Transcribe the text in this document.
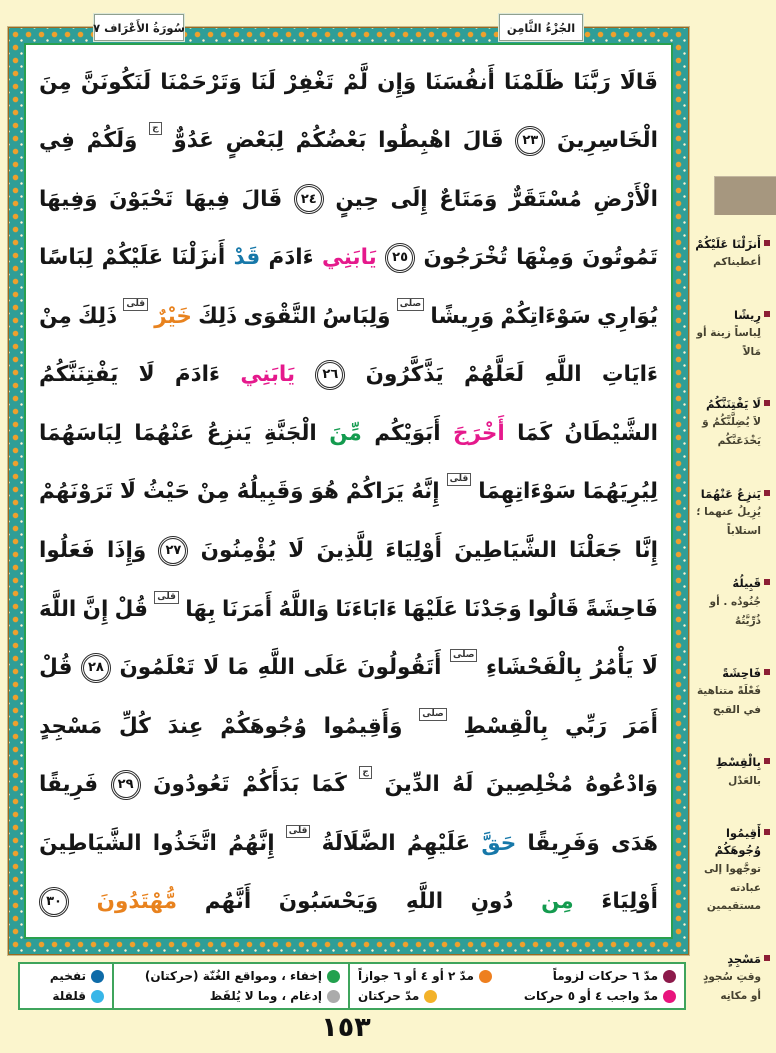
سُورَةُ الأَعْرَاف
٧	الجُزْءُ الثَّامِن
قَالَا
رَبَّنَا
ظَلَمْنَا
أَنفُسَنَا
وَإِن
لَّمْ
تَغْفِرْ
لَنَا
وَتَرْحَمْنَا
لَنَكُونَنَّ
مِنَ
الْخَاسِرِينَ
٢٣
قَالَ
اهْبِطُوا
بَعْضُكُمْ
لِبَعْضٍ
عَدُوٌّ
ج
وَلَكُمْ
فِي
الْأَرْضِ
مُسْتَقَرٌّ
وَمَتَاعٌ
إِلَى
حِينٍ
٢٤
قَالَ
فِيهَا
تَحْيَوْنَ
وَفِيهَا
تَمُوتُونَ
وَمِنْهَا
تُخْرَجُونَ
٢٥
يَابَنِي
ءَادَمَ
قَدْ
أَنزَلْنَا
عَلَيْكُمْ
لِبَاسًا
يُوَارِي
سَوْءَاتِكُمْ
وَرِيشًا
صلى
وَلِبَاسُ
التَّقْوَى
ذَلِكَ
خَيْرٌ
قلى
ذَلِكَ
مِنْ
ءَايَاتِ
اللَّهِ
لَعَلَّهُمْ
يَذَّكَّرُونَ
٢٦
يَابَنِي
ءَادَمَ
لَا
يَفْتِنَنَّكُمُ
الشَّيْطَانُ
كَمَا
أَخْرَجَ
أَبَوَيْكُم
مِّنَ
الْجَنَّةِ
يَنزِعُ
عَنْهُمَا
لِبَاسَهُمَا
لِيُرِيَهُمَا
سَوْءَاتِهِمَا
قلى
إِنَّهُ
يَرَاكُمْ
هُوَ
وَقَبِيلُهُ
مِنْ
حَيْثُ
لَا
تَرَوْنَهُمْ
إِنَّا
جَعَلْنَا
الشَّيَاطِينَ
أَوْلِيَاءَ
لِلَّذِينَ
لَا
يُؤْمِنُونَ
٢٧
وَإِذَا
فَعَلُوا
فَاحِشَةً
قَالُوا
وَجَدْنَا
عَلَيْهَا
ءَابَاءَنَا
وَاللَّهُ
أَمَرَنَا
بِهَا
قلى
قُلْ
إِنَّ
اللَّهَ
لَا
يَأْمُرُ
بِالْفَحْشَاءِ
صلى
أَتَقُولُونَ
عَلَى
اللَّهِ
مَا
لَا
تَعْلَمُونَ
٢٨
قُلْ
أَمَرَ
رَبِّي
بِالْقِسْطِ
صلى
وَأَقِيمُوا
وُجُوهَكُمْ
عِندَ
كُلِّ
مَسْجِدٍ
وَادْعُوهُ
مُخْلِصِينَ
لَهُ
الدِّينَ
ج
كَمَا
بَدَأَكُمْ
تَعُودُونَ
٢٩
فَرِيقًا
هَدَى
وَفَرِيقًا
حَقَّ
عَلَيْهِمُ
الضَّلَالَةُ
قلى
إِنَّهُمُ
اتَّخَذُوا
الشَّيَاطِينَ
أَوْلِيَاءَ
مِن
دُونِ
اللَّهِ
وَيَحْسَبُونَ
أَنَّهُم
مُّهْتَدُونَ
٣٠
أَنزَلْنَا عَلَيْكُمْ
أعطيناكم
رِيشًا
لِباساً زينة أو مَالاً
لَا يَفْتِنَنَّكُمُ
لاَ يُضِلَّنَّكُمُ وَ يَخْدَعَنَّكُم
يَنزِعُ عَنْهُمَا
يُزِيلُ عنهما ؛ استلاباً
قَبِيلُهُ
جُنُودُه . أو ذُرِّيَّتُهُ
فَاحِشَةً
فَعْلَةً متناهية في القبح
بِالْقِسْطِ
بالعَدْل
أَقِيمُوا وُجُوهَكُمْ
توجَّهوا إلى عبادته مستقيمين
مَسْجِدٍ
وقتِ سُجودٍ أو مكانِه
مدّ ٦ حركات لزوماً
مدّ ٢ أو ٤ أو ٦ جوازاً
مدّ واجب ٤ أو ٥ حركات
مدّ حركتان
إخفاء ، ومواقع الغُنّة (حركتان)
إدغام ، وما لا يُلفَظ
تفخيم
قلقلة
١٥٣
